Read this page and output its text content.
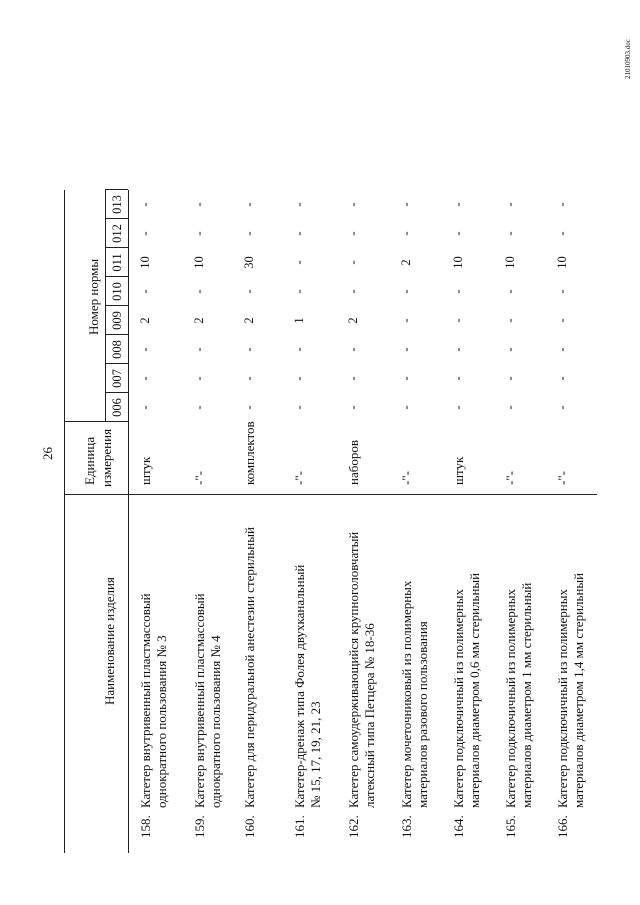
26
Наименование изделия
Единица измерения
Номер нормы
006
007
008
009
010
011
012
013
158.
Катетер внутривенный пластмассовый однократного пользования № 3
штук
-
-
-
2
-
10
-
-
159.
Катетер внутривенный пластмассовый однократного пользования № 4
-"-
-
-
-
2
-
10
-
-
160.
Катетер для перидуральной анестезии стерильный
комплектов
-
-
-
2
-
30
-
-
161.
Катетер-дренаж типа Фолея двухканальный № 15, 17, 19, 21, 23
-"-
-
-
-
1
-
-
-
-
162.
Катетер самоудерживающийся крупноголовчатый латексный типа Петцера № 18-36
наборов
-
-
-
2
-
-
-
-
163.
Катетер мочеточниковый из полимерных материалов разового пользования
-"-
-
-
-
-
-
2
-
-
164.
Катетер подключичный из полимерных материалов диаметром 0,6 мм стерильный
штук
-
-
-
-
-
10
-
-
165.
Катетер подключичный из полимерных материалов диаметром 1 мм стерильный
-"-
-
-
-
-
-
10
-
-
166.
Катетер подключичный из полимерных материалов диаметром 1,4 мм стерильный
-"-
-
-
-
-
-
10
-
-
21010903.doc
